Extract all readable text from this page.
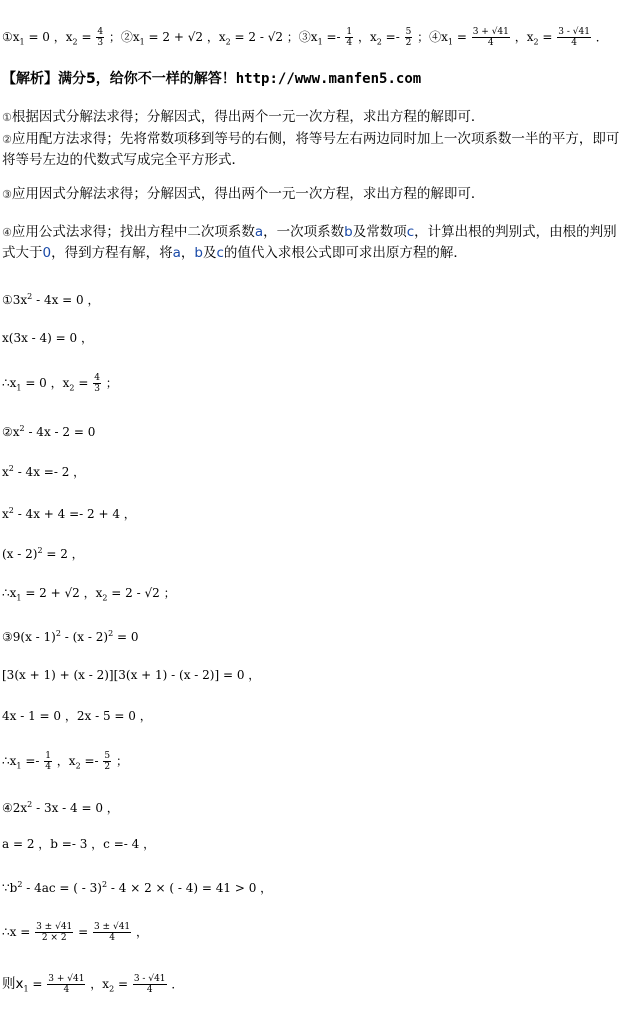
$①x_1 = 0$ ，$x_2 = \frac{4}{3}$ ；$②x_1 = 2 + √2$ ，$x_2 = 2 - √2$ ；$③x_1 =- \frac{1}{4}$ ，$x_2 =- \frac{5}{2}$ ；$④x_1 = \frac{3 + √41}{4}$ ，$x_2 = \frac{3 - √41}{4}$ ．
【解析】满分5，给你不一样的解答！http://www.manfen5.com
①根据因式分解法求得；分解因式，得出两个一元一次方程，求出方程的解即可．
②应用配方法求得；先将常数项移到等号的右侧，将等号左右两边同时加上一次项系数一半的平方，即可将等号左边的代数式写成完全平方形式．
③应用因式分解法求得；分解因式，得出两个一元一次方程，求出方程的解即可．
④应用公式法求得；找出方程中二次项系数a，一次项系数b及常数项c，计算出根的判别式，由根的判别式大于0，得到方程有解，将a，b及c的值代入求根公式即可求出原方程的解．
$①3x^2 - 4x = 0$ ，
x(3x - 4) = 0 ，
$\therefore x_1 = 0$ ，$x_2 = \frac{4}{3}$ ；
$②x^2 - 4x - 2 = 0$
$x^2 - 4x =- 2$ ，
$x^2 - 4x + 4 =- 2 + 4$ ，
(x - 2)$^2$ = 2 ，
$\therefore x_1 = 2 + √2$ ，$x_2 = 2 - √2$ ；
③9(x - 1)$^2$ - (x - 2)$^2$ = 0
[3(x + 1) + (x - 2)][3(x + 1) - (x - 2)] = 0 ，
4x - 1 = 0 ，2x - 5 = 0 ，
$\therefore x_1 =- \frac{1}{4}$ ，$x_2 =- \frac{5}{2}$ ；
$④2x^2 - 3x - 4 = 0$ ，
a = 2 ，b =- 3 ，c =- 4 ，
$\because b^2 - 4ac$ = ( - 3)$^2$ - 4 × 2 × ( - 4) = 41 > 0 ，
∴x = $\frac{3 \pm √41}{2 \times 2} = \frac{3 \pm √41}{4}$ ，
则$x_1 = \frac{3 + √41}{4}$ ，$x_2 = \frac{3 - √41}{4}$ ．
